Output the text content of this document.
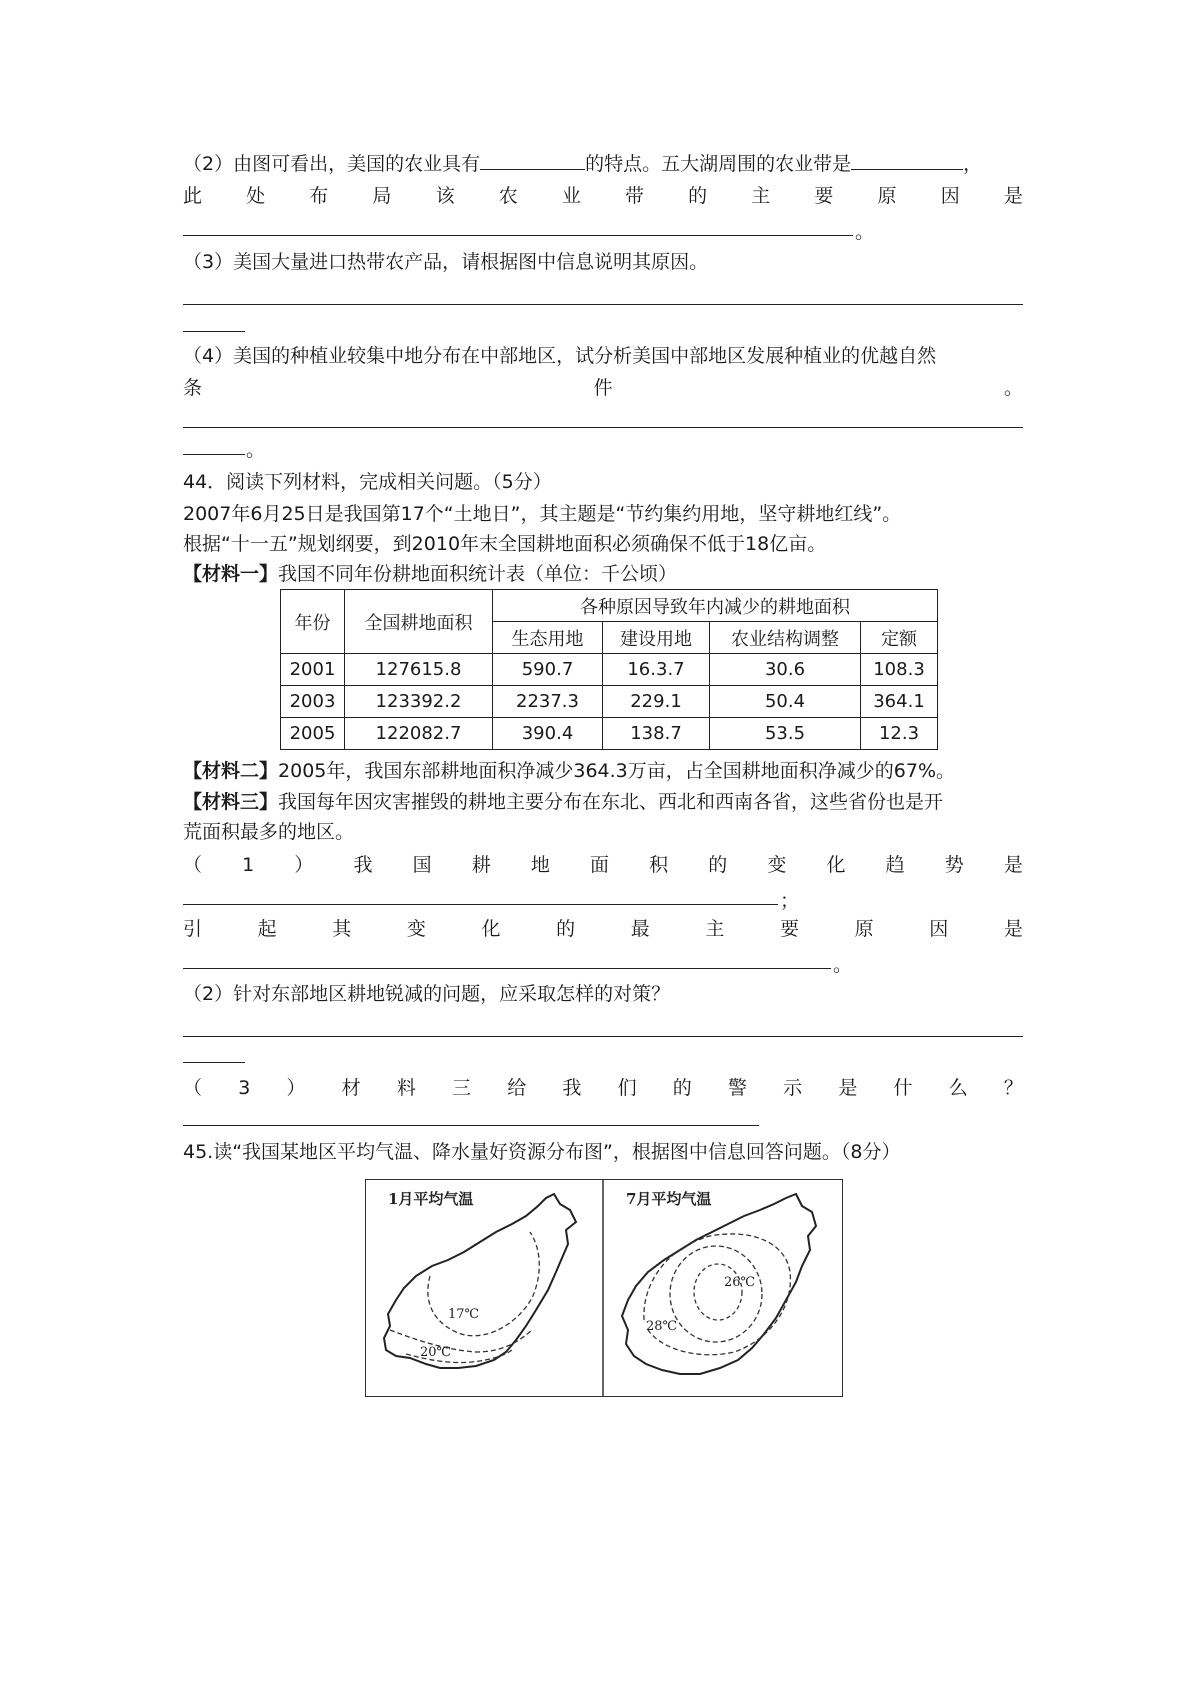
（2）由图可看出，美国的农业具有	的特点。五大湖周围的农业带是	，
此 处 布 局 该 农 业 带 的 主 要 原 因 是
。
（3）美国大量进口热带农产品，请根据图中信息说明其原因。
（4）美国的种植业较集中地分布在中部地区，试分析美国中部地区发展种植业的优越自然
条	件	。
。
44．阅读下列材料，完成相关问题。（5分）
2007年6月25日是我国第17个“土地日”，其主题是“节约集约用地，坚守耕地红线”。
根据“十一五”规划纲要，到2010年末全国耕地面积必须确保不低于18亿亩。
【材料一】我国不同年份耕地面积统计表（单位：千公顷）
年份	全国耕地面积	各种原因导致年内减少的耕地面积			
		生态用地	建设用地	农业结构调整	定额
2001	127615.8	590.7	16.3.7	30.6	108.3
2003	123392.2	2237.3	229.1	50.4	364.1
2005	122082.7	390.4	138.7	53.5	12.3
【材料二】2005年，我国东部耕地面积净减少364.3万亩，占全国耕地面积净减少的67%。
【材料三】我国每年因灾害摧毁的耕地主要分布在东北、西北和西南各省，这些省份也是开
荒面积最多的地区。
（ 1 ） 我 国 耕 地 面 积 的 变 化 趋 势 是
；
引	起	其	变	化	的	最	主	要	原	因	是
。
（2）针对东部地区耕地锐减的问题，应采取怎样的对策？
（ 3 ） 材 料 三 给 我 们 的 警 示 是 什 么 ？
45.读“我国某地区平均气温、降水量好资源分布图”，根据图中信息回答问题。（8分）
1月平均气温
17℃
20℃
7月平均气温
26℃
28℃
